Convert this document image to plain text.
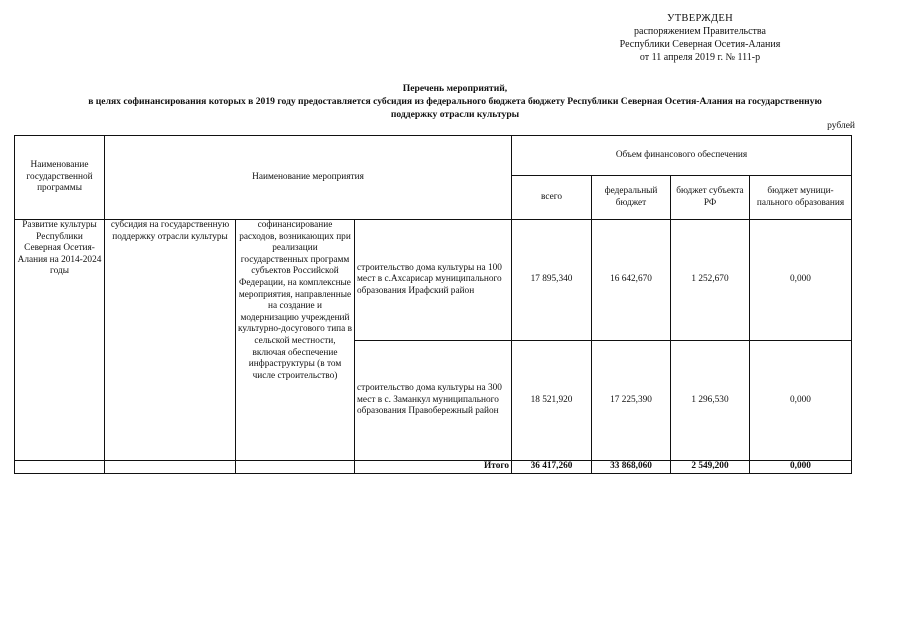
УТВЕРЖДЕН
распоряжением Правительства
Республики Северная Осетия-Алания
от 11 апреля 2019 г. № 111-р
Перечень мероприятий,
в целях софинансирования которых в 2019 году предоставляется субсидия из федерального бюджета бюджету Республики Северная Осетия-Алания на государственную
поддержку отрасли культуры
рублей
Наименование государственной программы	Наименование мероприятия			Объем финансового обеспечения			
				всего	федеральный бюджет	бюджет субъекта РФ	бюджет муници-пального образования
Развитие культуры Республики Северная Осетия-Алания на 2014-2024 годы	субсидия на государственную поддержку отрасли культуры	софинансирование расходов, возникающих при реализации государственных программ субъектов Российской Федерации, на комплексные мероприятия, направленные на создание и модернизацию учреждений культурно-досугового типа в сельской местности, включая обеспечение инфраструктуры (в том числе строительство)	строительство дома культуры на 100 мест в с.Ахсарисар муниципального образования Ирафский район	17 895,340	16 642,670	1 252,670	0,000
			строительство дома культуры на 300 мест в с. Заманкул муниципального образования Правобережный район	18 521,920	17 225,390	1 296,530	0,000
			Итого	36 417,260	33 868,060	2 549,200	0,000
